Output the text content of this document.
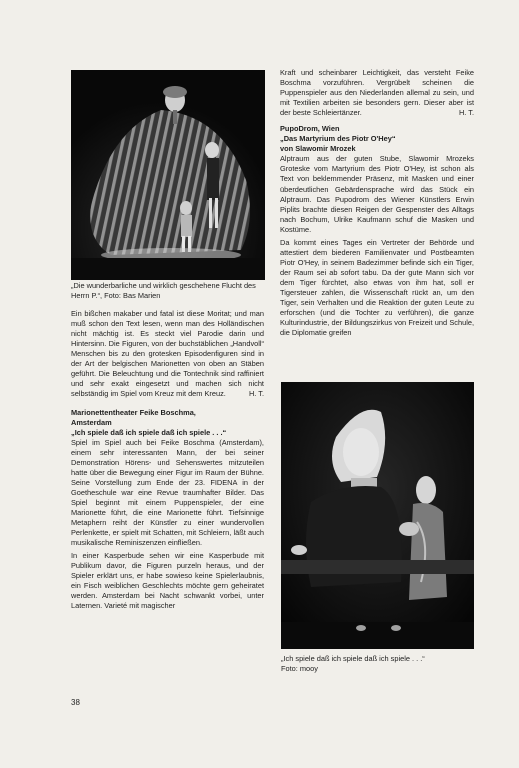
„Die wunderbarliche und wirklich geschehene Flucht des Herrn P.“, Foto: Bas Marien

Ein bißchen makaber und fatal ist diese Moritat; und man muß schon den Text lesen, wenn man des Holländischen nicht mächtig ist. Es steckt viel Parodie darin und Hintersinn. Die Figuren, von der buchstäblichen „Handvoll“ Menschen bis zu den grotesken Episodenfiguren sind in der Art der belgischen Marionetten von oben an Stäben geführt. Die Beleuchtung und die Tontechnik sind raffiniert und sehr exakt eingesetzt und machen sich nicht selbständig im Spiel vom Kreuz mit dem Kreuz.	H. T.

Marionettentheater Feike Boschma,

Amsterdam

„Ich spiele daß ich spiele daß ich spiele . . .“

Spiel im Spiel auch bei Feike Boschma (Amsterdam), einem sehr interessanten Mann, der bei seiner Demonstration Hörens- und Sehenswertes mitzuteilen hatte über die Bewegung einer Figur im Raum der Bühne. Seine Vorstellung zum Ende der 23. FIDENA in der Goetheschule war eine Revue traumhafter Bilder. Das Spiel beginnt mit einem Puppenspieler, der eine Marionette führt, die eine Marionette führt. Tiefsinnige Metaphern reiht der Künstler zu einer wundervollen Perlenkette, er spielt mit Schatten, mit Schleiern, läßt auch musikalische Reminiszenzen einfließen.

In einer Kasperbude sehen wir eine Kasperbude mit Publikum davor, die Figuren purzeln heraus, und der Spieler erklärt uns, er habe sowieso keine Spielerlaubnis, ein Fisch weiblichen Geschlechts möchte gern geheiratet werden. Amsterdam bei Nacht schwankt vorbei, unter Laternen. Varieté mit magischer

Kraft und scheinbarer Leichtigkeit, das versteht Feike Boschma vorzuführen. Vergrübelt scheinen die Puppenspieler aus den Niederlanden allemal zu sein, und mit Textilien arbeiten sie besonders gern. Dieser aber ist der beste Schleiertänzer.	H. T.

PupoDrom, Wien

„Das Martyrium des Piotr O'Hey“

von Slawomir Mrozek

Alptraum aus der guten Stube, Slawomir Mrozeks Groteske vom Martyrium des Piotr O'Hey, ist schon als Text von beklemmender Präsenz, mit Masken und einer überdeutlichen Gebärdensprache wird das Stück ein Alptraum. Das Pupodrom des Wiener Künstlers Erwin Piplits brachte diesen Reigen der Gespenster des Alltags nach Bochum, Ulrike Kaufmann schuf die Masken und Kostüme.

Da kommt eines Tages ein Vertreter der Behörde und attestiert dem biederen Familienvater und Postbeamten Piotr O'Hey, in seinem Badezimmer befinde sich ein Tiger, der Raum sei ab sofort tabu. Da der gute Mann sich vor dem Tiger fürchtet, also etwas von ihm hat, soll er Tigersteuer zahlen, die Wissenschaft rückt an, um den Tiger, sein Verhalten und die Reaktion der guten Leute zu erforschen (und die Tochter zu verführen), die ganze Kulturindustrie, der Bildungszirkus von Freizeit und Schule, die Diplomatie greifen

„Ich spiele daß ich spiele daß ich spiele . . .“
Foto: mooy
38
